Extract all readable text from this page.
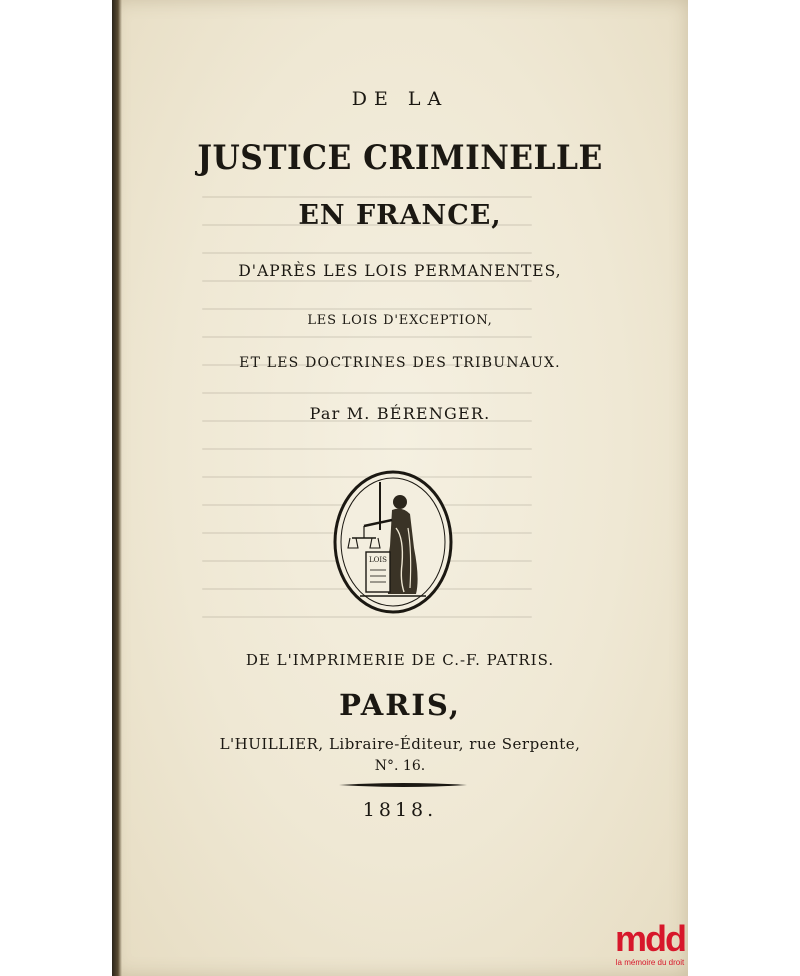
DE LA
JUSTICE CRIMINELLE
EN FRANCE,
D'APRÈS LES LOIS PERMANENTES,
LES LOIS D'EXCEPTION,
ET LES DOCTRINES DES TRIBUNAUX.
Par M. BÉRENGER.
LOIS
DE L'IMPRIMERIE DE C.-F. PATRIS.
PARIS,
L'HUILLIER, Libraire-Éditeur, rue Serpente,
N°. 16.
1818.
mdd
la mémoire du droit
